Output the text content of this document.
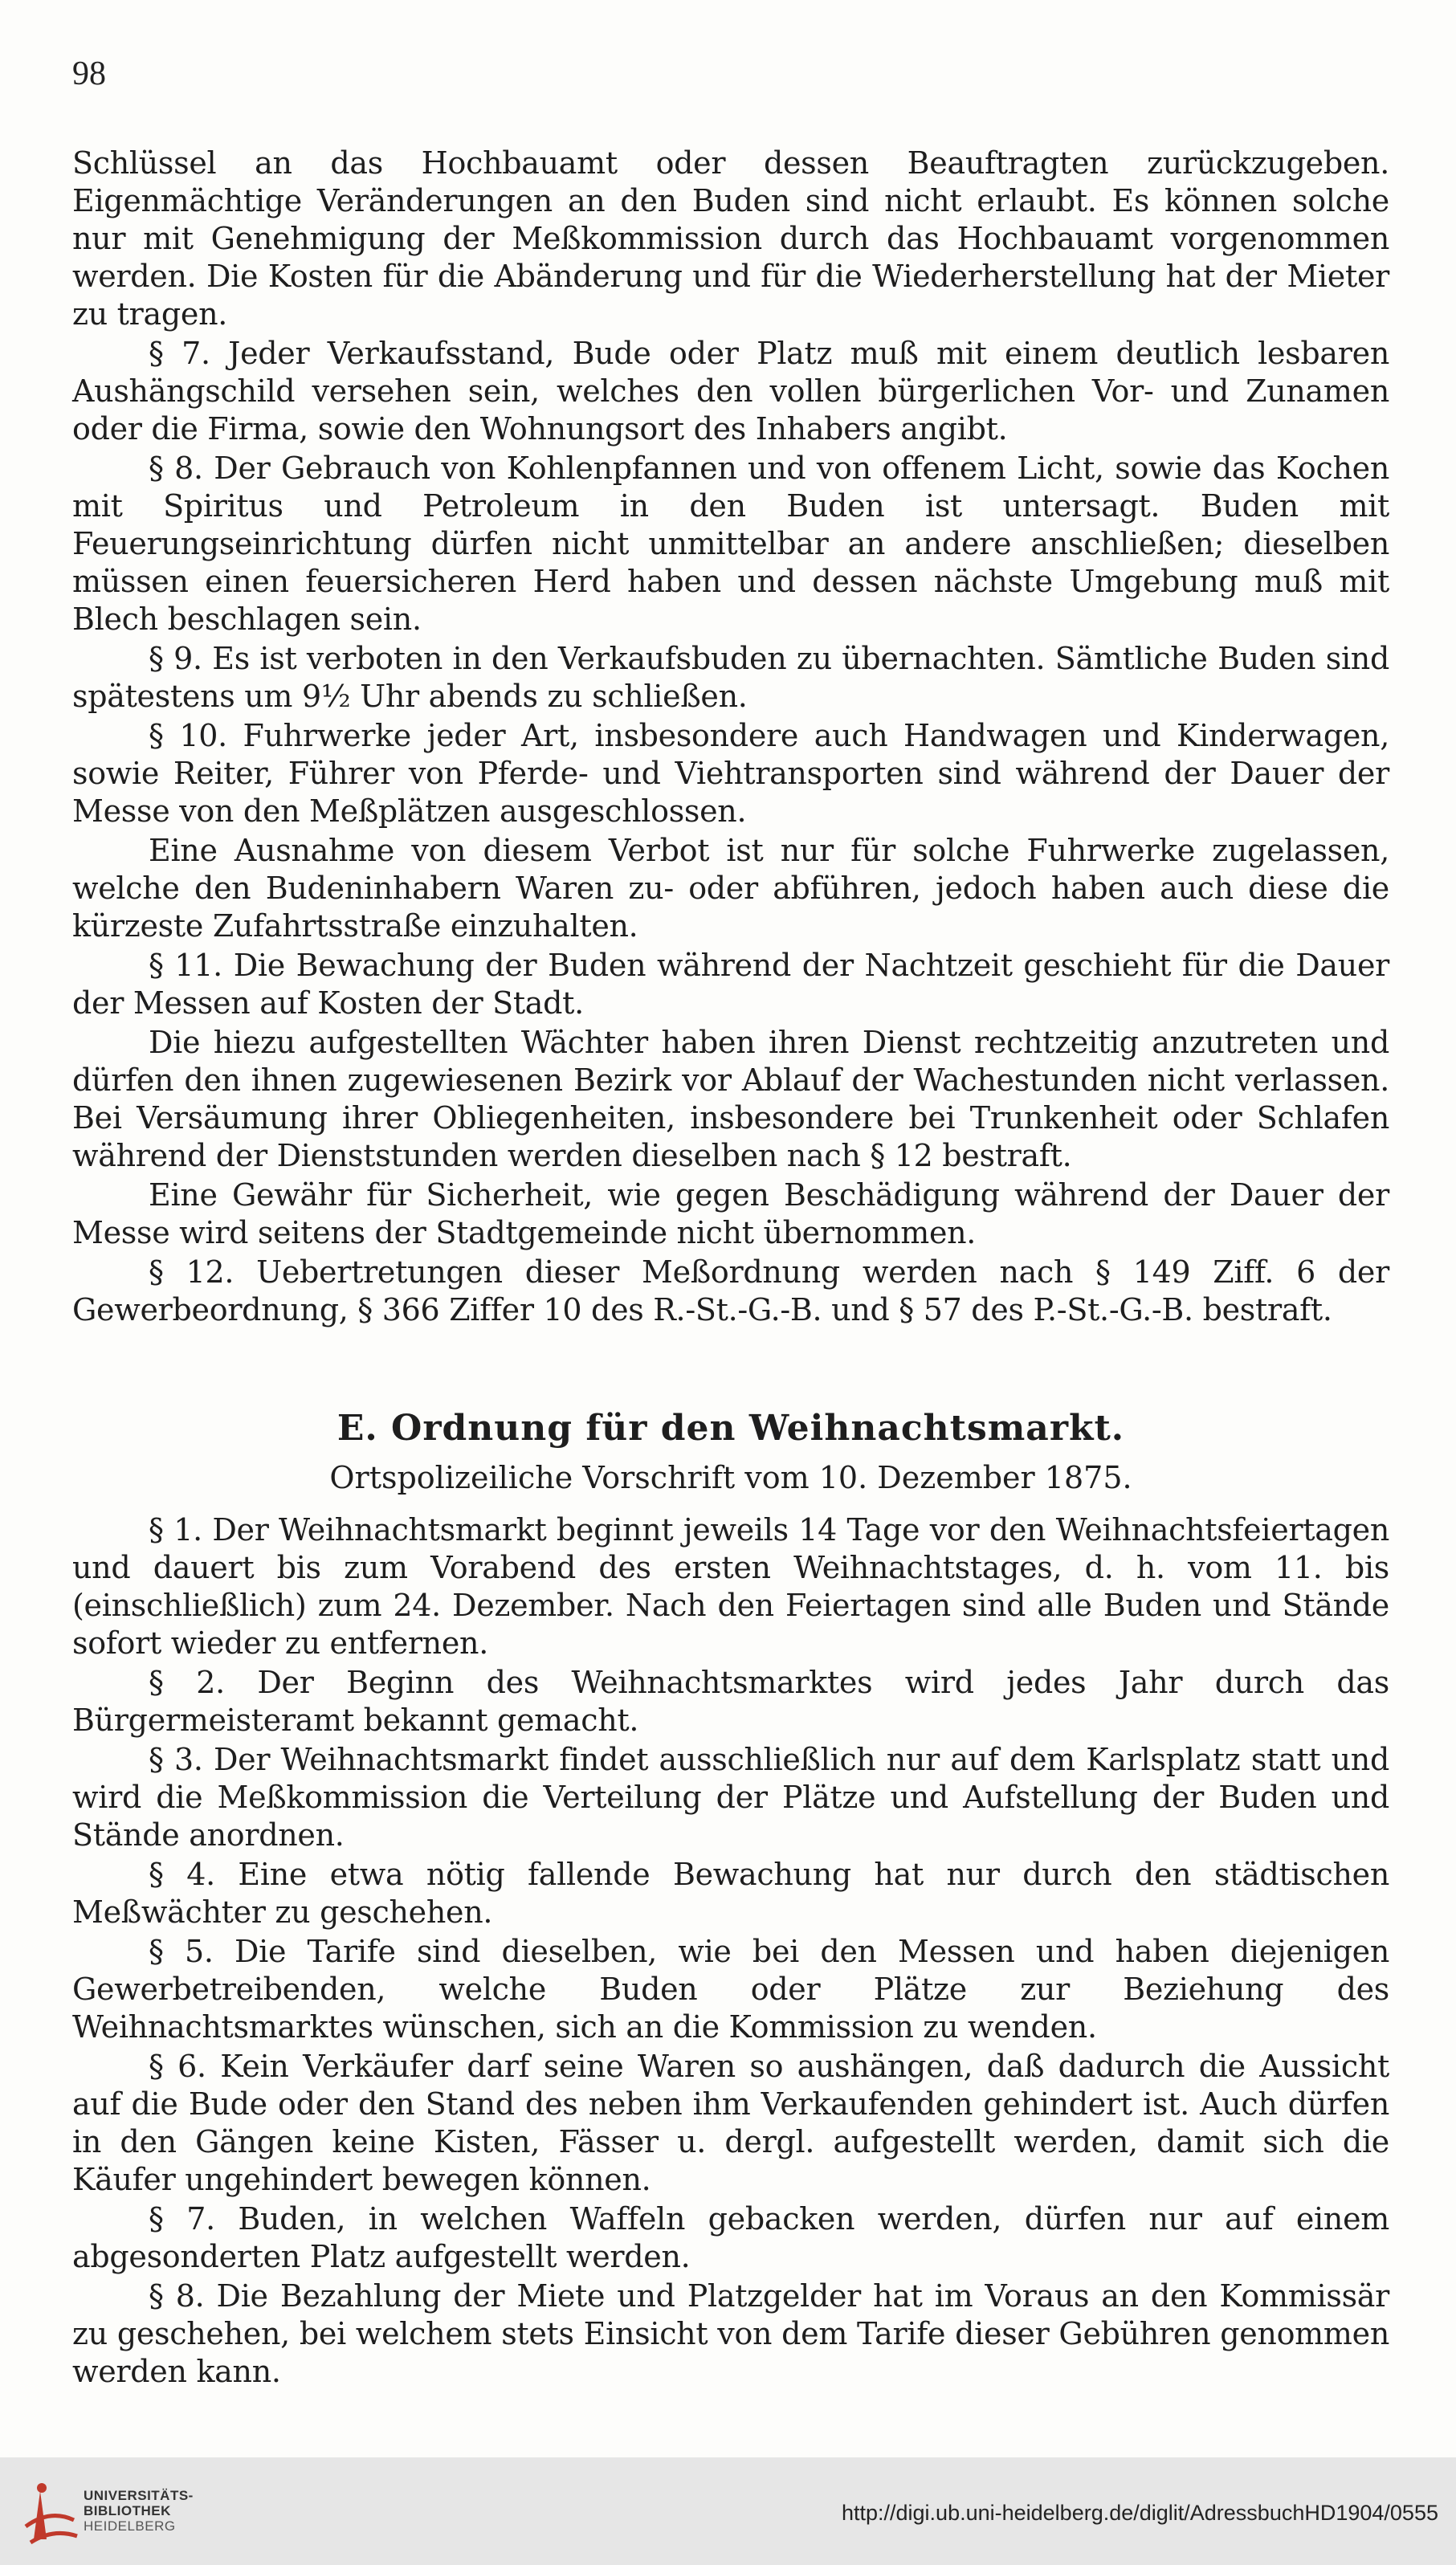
98

Schlüssel an das Hochbauamt oder dessen Beauftragten zurückzugeben. Eigenmächtige Veränderungen an den Buden sind nicht erlaubt. Es können solche nur mit Genehmigung der Meßkommission durch das Hochbauamt vorgenommen werden. Die Kosten für die Abänderung und für die Wiederherstellung hat der Mieter zu tragen.

§ 7. Jeder Verkaufsstand, Bude oder Platz muß mit einem deutlich lesbaren Aushängschild versehen sein, welches den vollen bürgerlichen Vor- und Zunamen oder die Firma, sowie den Wohnungsort des Inhabers angibt.

§ 8. Der Gebrauch von Kohlenpfannen und von offenem Licht, sowie das Kochen mit Spiritus und Petroleum in den Buden ist untersagt. Buden mit Feuerungseinrichtung dürfen nicht unmittelbar an andere anschließen; dieselben müssen einen feuersicheren Herd haben und dessen nächste Umgebung muß mit Blech beschlagen sein.

§ 9. Es ist verboten in den Verkaufsbuden zu übernachten. Sämtliche Buden sind spätestens um 9½ Uhr abends zu schließen.

§ 10. Fuhrwerke jeder Art, insbesondere auch Handwagen und Kinderwagen, sowie Reiter, Führer von Pferde- und Viehtransporten sind während der Dauer der Messe von den Meßplätzen ausgeschlossen.

Eine Ausnahme von diesem Verbot ist nur für solche Fuhrwerke zugelassen, welche den Budeninhabern Waren zu- oder abführen, jedoch haben auch diese die kürzeste Zufahrtsstraße einzuhalten.

§ 11. Die Bewachung der Buden während der Nachtzeit geschieht für die Dauer der Messen auf Kosten der Stadt.

Die hiezu aufgestellten Wächter haben ihren Dienst rechtzeitig anzutreten und dürfen den ihnen zugewiesenen Bezirk vor Ablauf der Wachestunden nicht verlassen. Bei Versäumung ihrer Obliegenheiten, insbesondere bei Trunkenheit oder Schlafen während der Dienststunden werden dieselben nach § 12 bestraft.

Eine Gewähr für Sicherheit, wie gegen Beschädigung während der Dauer der Messe wird seitens der Stadtgemeinde nicht übernommen.

§ 12. Uebertretungen dieser Meßordnung werden nach § 149 Ziff. 6 der Gewerbeordnung, § 366 Ziffer 10 des R.-St.-G.-B. und § 57 des P.-St.-G.-B. bestraft.

E. Ordnung für den Weihnachtsmarkt.
Ortspolizeiliche Vorschrift vom 10. Dezember 1875.

§ 1. Der Weihnachtsmarkt beginnt jeweils 14 Tage vor den Weihnachtsfeiertagen und dauert bis zum Vorabend des ersten Weihnachtstages, d. h. vom 11. bis (einschließlich) zum 24. Dezember. Nach den Feiertagen sind alle Buden und Stände sofort wieder zu entfernen.

§ 2. Der Beginn des Weihnachtsmarktes wird jedes Jahr durch das Bürgermeisteramt bekannt gemacht.

§ 3. Der Weihnachtsmarkt findet ausschließlich nur auf dem Karlsplatz statt und wird die Meßkommission die Verteilung der Plätze und Aufstellung der Buden und Stände anordnen.

§ 4. Eine etwa nötig fallende Bewachung hat nur durch den städtischen Meßwächter zu geschehen.

§ 5. Die Tarife sind dieselben, wie bei den Messen und haben diejenigen Gewerbetreibenden, welche Buden oder Plätze zur Beziehung des Weihnachtsmarktes wünschen, sich an die Kommission zu wenden.

§ 6. Kein Verkäufer darf seine Waren so aushängen, daß dadurch die Aussicht auf die Bude oder den Stand des neben ihm Verkaufenden gehindert ist. Auch dürfen in den Gängen keine Kisten, Fässer u. dergl. aufgestellt werden, damit sich die Käufer ungehindert bewegen können.

§ 7. Buden, in welchen Waffeln gebacken werden, dürfen nur auf einem abgesonderten Platz aufgestellt werden.

§ 8. Die Bezahlung der Miete und Platzgelder hat im Voraus an den Kommissär zu geschehen, bei welchem stets Einsicht von dem Tarife dieser Gebühren genommen werden kann.

UNIVERSITÄTS-
BIBLIOTHEK
HEIDELBERG
http://digi.ub.uni-heidelberg.de/diglit/AdressbuchHD1904/0555
